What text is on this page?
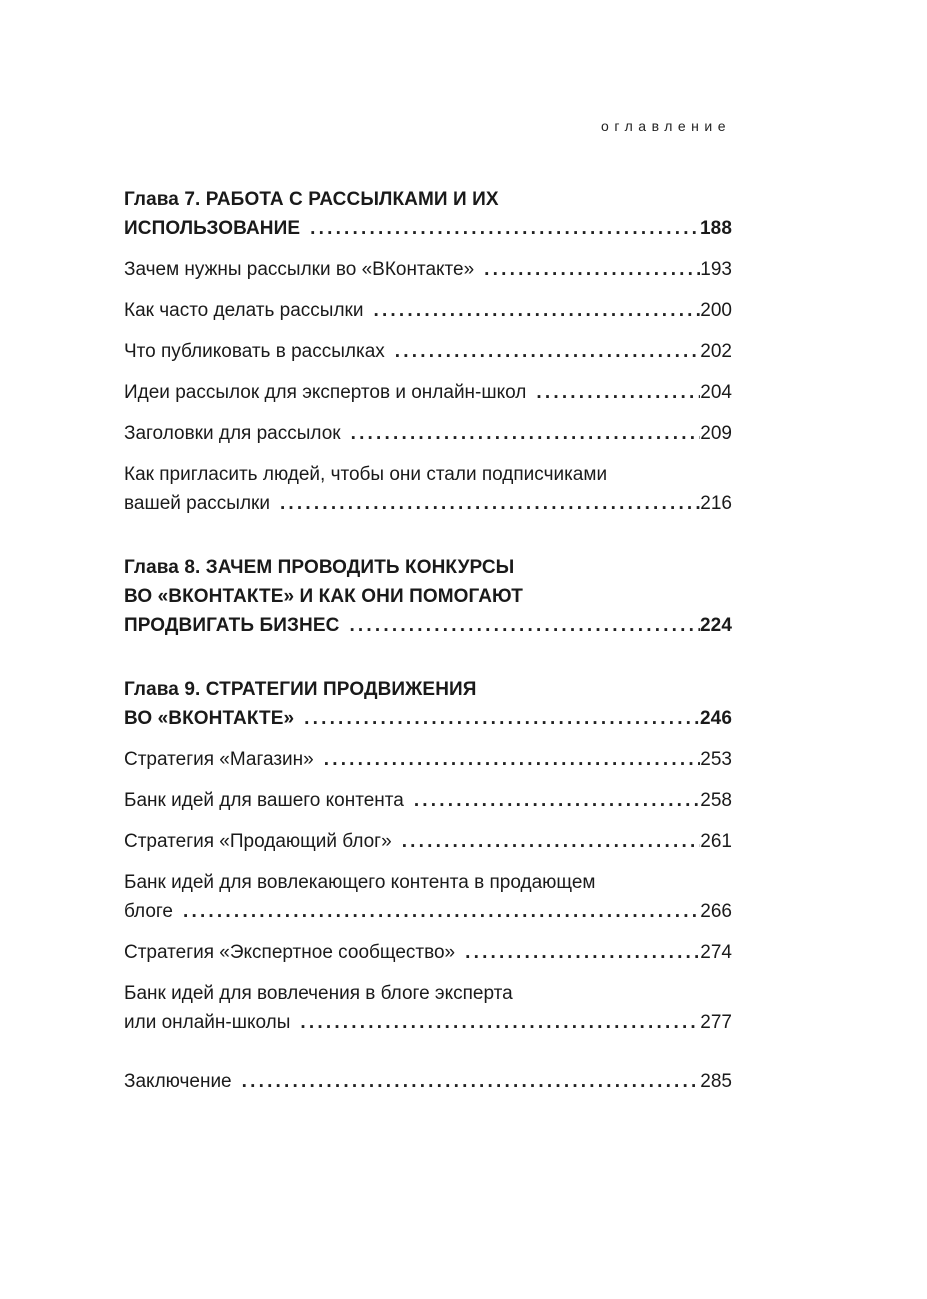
оглавление
Глава 7. РАБОТА С РАССЫЛКАМИ И ИХ
ИСПОЛЬЗОВАНИЕ .....	188
Зачем нужны рассылки во «ВКонтакте» .....	193
Как часто делать рассылки .....	200
Что публиковать в рассылках .....	202
Идеи рассылок для экспертов и онлайн-школ .....	204
Заголовки для рассылок .....	209
Как пригласить людей, чтобы они стали подписчиками
вашей рассылки .....	216
Глава 8. ЗАЧЕМ ПРОВОДИТЬ КОНКУРСЫ
ВО «ВКОНТАКТЕ» И КАК ОНИ ПОМОГАЮТ
ПРОДВИГАТЬ БИЗНЕС .....	224
Глава 9. СТРАТЕГИИ ПРОДВИЖЕНИЯ
ВО «ВКОНТАКТЕ» .....	246
Стратегия «Магазин» .....	253
Банк идей для вашего контента .....	258
Стратегия «Продающий блог» .....	261
Банк идей для вовлекающего контента в продающем
блоге .....	266
Стратегия «Экспертное сообщество» .....	274
Банк идей для вовлечения в блоге эксперта
или онлайн-школы .....	277
Заключение .....	285
